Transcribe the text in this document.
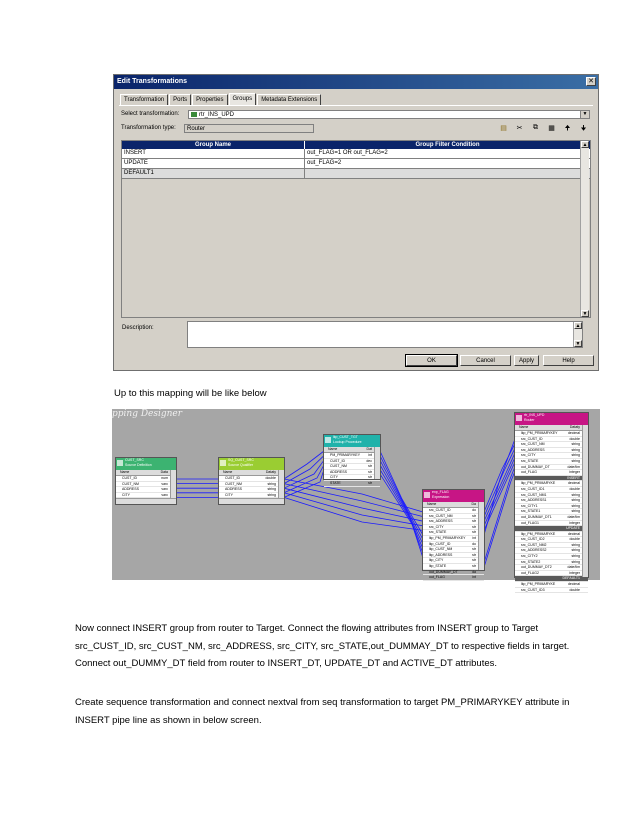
Edit Transformations	✕
Transformation	Ports	Properties	Groups	Metadata Extensions
Select transformation:	rtr_INS_UPD	▼
Transformation type:	Router	▤ ✂ ⧉ ▦ 🠉 🠋
Group Name	Group Filter Condition
INSERT	out_FLAG=1 OR out_FLAG=2
UPDATE	out_FLAG=2
DEFAULT1
▲
▼
Description:	▲
▼
OK	Cancel	Apply	Help
Up to this mapping will be like below
pping Designer
CUST_SRC
Source Definition
Name	Data
CUST_ID	num
CUST_NM	varc
ADDRESS	varc
CITY	varc
SQ_CUST_SRC
Source Qualifier
Name	Dataty
CUST_ID	double
CUST_NM	string
ADDRESS	string
CITY	string
lkp_CUST_TGT
Lookup Procedure
Name	Dat
PM_PRIMARYKEY int
CUST_ID	dec
CUST_NM	str
ADDRESS	str
CITY	str
STATE	str
exp_FLAG
Expression
Name	Da
src_CUST_ID	do
src_CUST_NM	str
src_ADDRESS	str
src_CITY	str
src_STATE	str
lkp_PM_PRIMARYKEY int
lkp_CUST_ID	do
lkp_CUST_NM	str
lkp_ADDRESS	str
lkp_CITY	str
lkp_STATE	str
out_DUMMAY_DT	da
out_FLAG	int
rtr_INS_UPD
Router
Name	Dataty
lkp_PM_PRIMARYKEY	decimal
src_CUST_ID	double
src_CUST_NM	string
src_ADDRESS	string
src_CITY	string
src_STATE	string
out_DUMMAY_DT	date/tim
out_FLAG	integer
INSERT
lkp_PM_PRIMARYKE	decimal
src_CUST_ID1	double
src_CUST_NM1	string
src_ADDRESS1	string
src_CITY1	string
src_STATE1	string
out_DUMMAY_DT1	date/tim
out_FLAG1	integer
UPDATE
lkp_PM_PRIMARYKE	decimal
src_CUST_ID2	double
src_CUST_NM2	string
src_ADDRESS2	string
src_CITY2	string
src_STATE2	string
out_DUMMAY_DT2	date/tim
out_FLAG2	integer
DEFAULT1
lkp_PM_PRIMARYKE	decimal
src_CUST_ID3	double
Now connect INSERT group from router to Target. Connect the flowing attributes from INSERT group to Target src_CUST_ID, src_CUST_NM, src_ADDRESS, src_CITY, src_STATE,out_DUMMAY_DT to respective fields in target. Connect out_DUMMY_DT field from router to INSERT_DT, UPDATE_DT and ACTIVE_DT attributes.
Create sequence transformation and connect nextval from seq transformation to target PM_PRIMARYKEY attribute in INSERT pipe line as shown in below screen.
